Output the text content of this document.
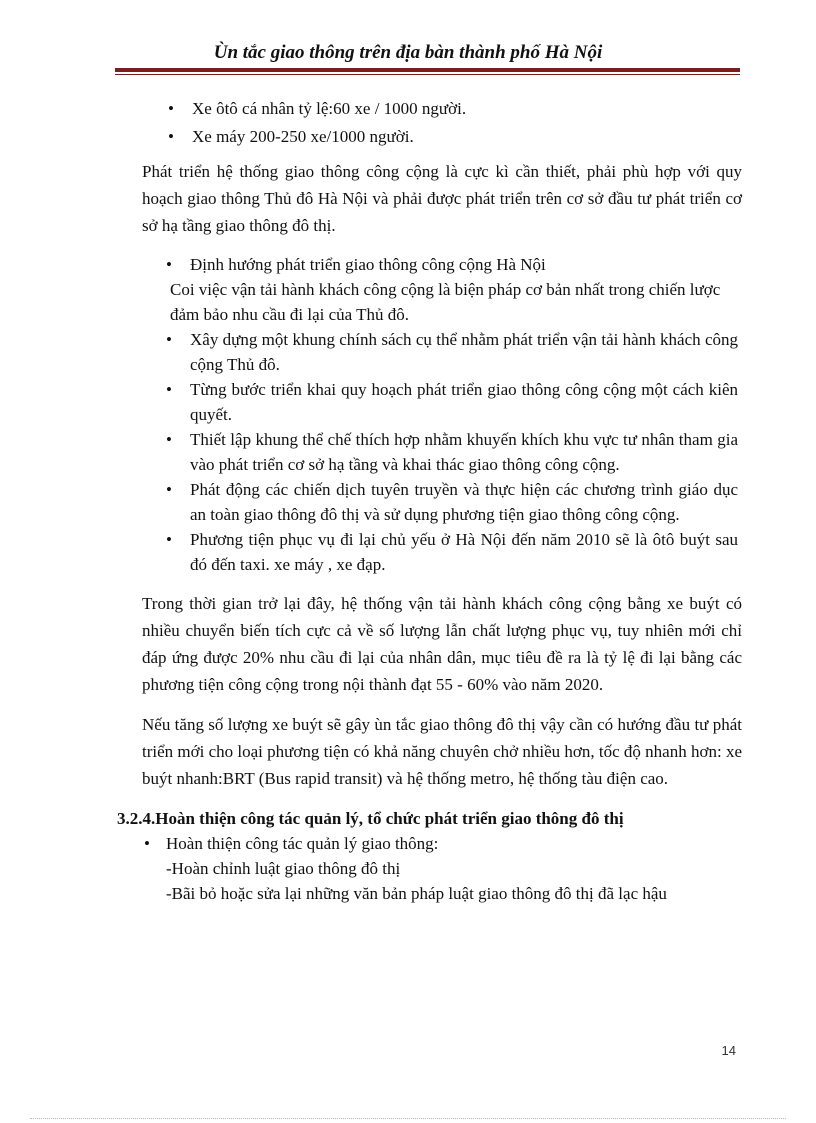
Ùn tắc giao thông trên địa bàn thành phố Hà Nội
• Xe ôtô cá nhân tỷ lệ:60 xe / 1000 người.
• Xe máy 200-250 xe/1000 người.
Phát triển hệ thống giao thông công cộng là cực kì cần thiết, phải phù hợp với quy hoạch giao thông Thủ đô Hà Nội và phải được phát triển trên cơ sở đầu tư phát triển cơ sở hạ tầng giao thông đô thị.
• Định hướng phát triển giao thông công cộng Hà Nội
Coi việc vận tải hành khách công cộng là biện pháp cơ bản nhất trong chiến lược đảm bảo nhu cầu đi lại của Thủ đô.
• Xây dựng một khung chính sách cụ thể nhằm phát triển vận tải hành khách công cộng Thủ đô.
• Từng bước triển khai quy hoạch phát triển giao thông công cộng một cách kiên quyết.
• Thiết lập khung thể chế thích hợp nhằm khuyến khích khu vực tư nhân tham gia vào phát triển cơ sở hạ tầng và khai thác giao thông công cộng.
• Phát động các chiến dịch tuyên truyền và thực hiện các chương trình giáo dục an toàn giao thông đô thị và sử dụng phương tiện giao thông công cộng.
• Phương tiện phục vụ đi lại chủ yếu ở Hà Nội đến năm 2010 sẽ là ôtô buýt sau đó đến taxi. xe máy , xe đạp.
Trong thời gian trở lại đây, hệ thống vận tải hành khách công cộng bằng xe buýt có nhiều chuyển biến tích cực cả về số lượng lẫn chất lượng phục vụ, tuy nhiên mới chỉ đáp ứng được 20% nhu cầu đi lại của nhân dân, mục tiêu đề ra là tỷ lệ đi lại bằng các phương tiện công cộng trong nội thành đạt 55 - 60% vào năm 2020.
Nếu tăng số lượng xe buýt sẽ gây ùn tắc giao thông đô thị vậy cần có hướng đầu tư phát triển mới cho loại phương tiện có khả năng chuyên chở nhiều hơn, tốc độ nhanh hơn: xe buýt nhanh:BRT (Bus rapid transit) và hệ thống metro, hệ thống tàu điện cao.
3.2.4.Hoàn thiện công tác quản lý, tổ chức phát triển giao thông đô thị
• Hoàn thiện công tác quản lý giao thông:
-Hoàn chỉnh luật giao thông đô thị
-Bãi bỏ hoặc sửa lại những văn bản pháp luật giao thông đô thị đã lạc hậu
14
